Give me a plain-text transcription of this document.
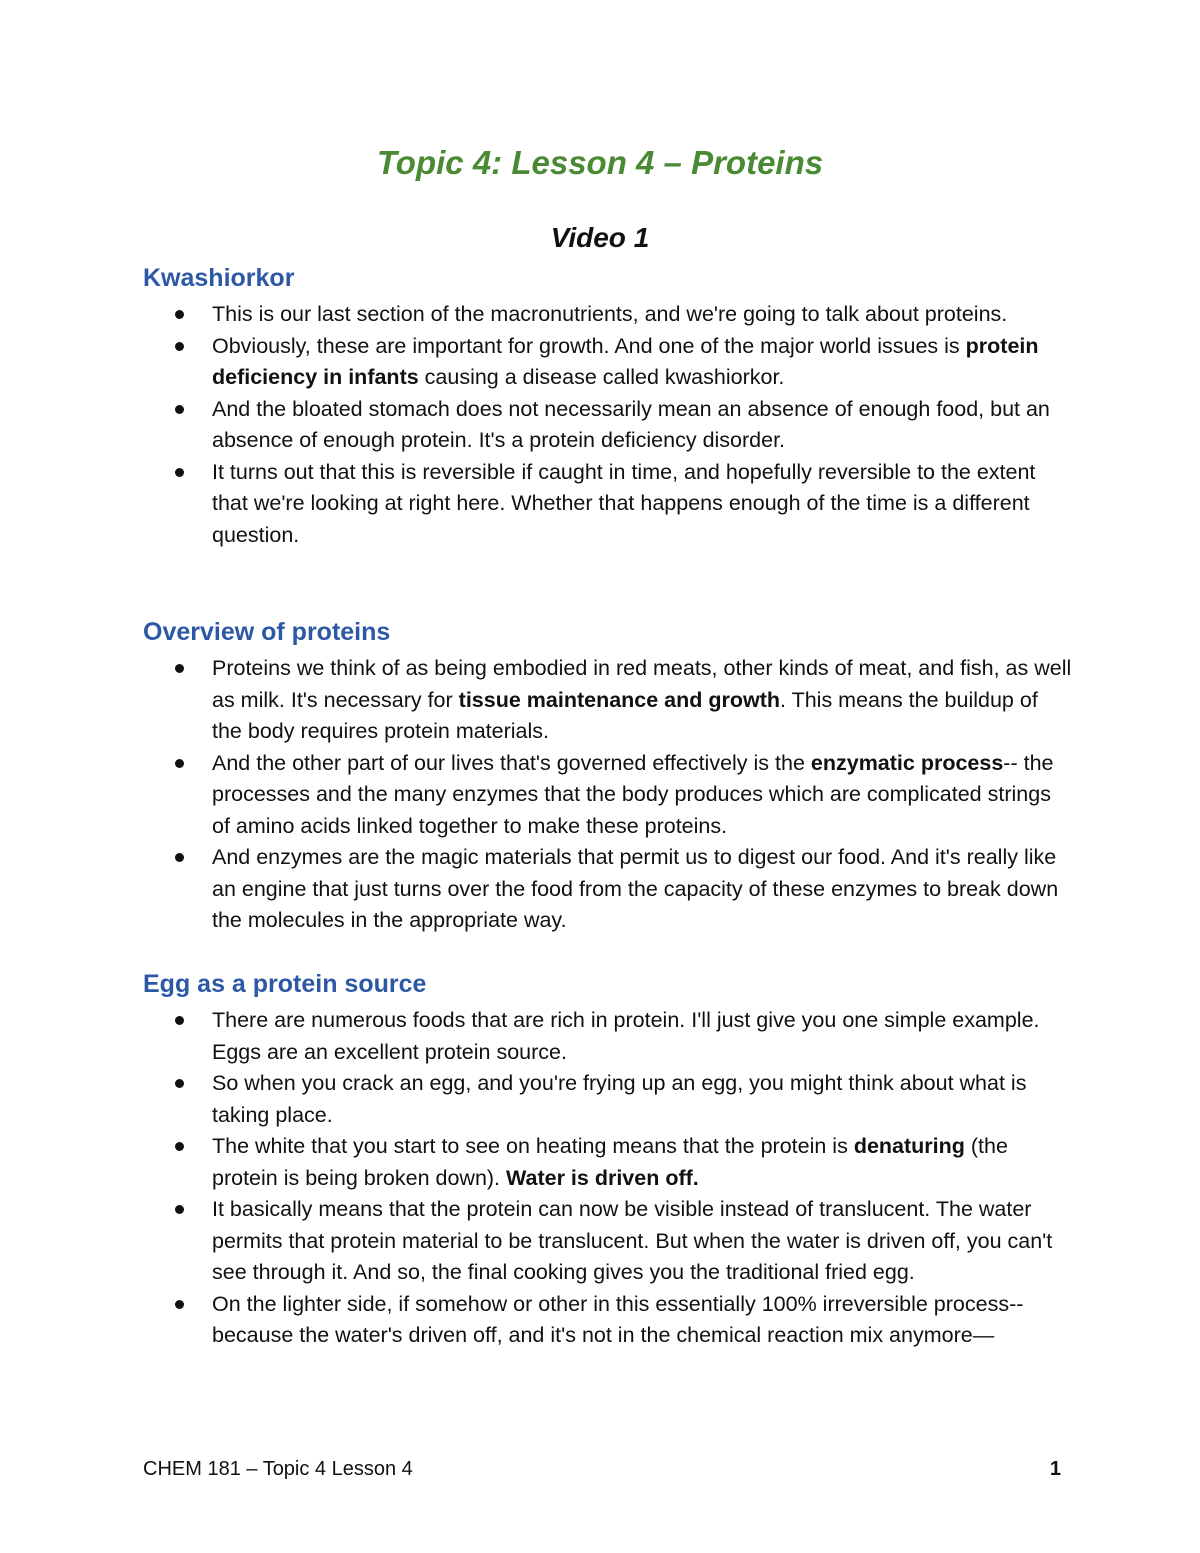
Topic 4: Lesson 4 – Proteins
Video 1
Kwashiorkor
This is our last section of the macronutrients, and we're going to talk about proteins.
Obviously, these are important for growth. And one of the major world issues is protein deficiency in infants causing a disease called kwashiorkor.
And the bloated stomach does not necessarily mean an absence of enough food, but an absence of enough protein. It's a protein deficiency disorder.
It turns out that this is reversible if caught in time, and hopefully reversible to the extent that we're looking at right here. Whether that happens enough of the time is a different question.
Overview of proteins
Proteins we think of as being embodied in red meats, other kinds of meat, and fish, as well as milk. It's necessary for tissue maintenance and growth. This means the buildup of the body requires protein materials.
And the other part of our lives that's governed effectively is the enzymatic process-- the processes and the many enzymes that the body produces which are complicated strings of amino acids linked together to make these proteins.
And enzymes are the magic materials that permit us to digest our food. And it's really like an engine that just turns over the food from the capacity of these enzymes to break down the molecules in the appropriate way.
Egg as a protein source
There are numerous foods that are rich in protein. I'll just give you one simple example. Eggs are an excellent protein source.
So when you crack an egg, and you're frying up an egg, you might think about what is taking place.
The white that you start to see on heating means that the protein is denaturing (the protein is being broken down). Water is driven off.
It basically means that the protein can now be visible instead of translucent. The water permits that protein material to be translucent. But when the water is driven off, you can't see through it. And so, the final cooking gives you the traditional fried egg.
On the lighter side, if somehow or other in this essentially 100% irreversible process-- because the water's driven off, and it's not in the chemical reaction mix anymore—
CHEM 181 – Topic 4 Lesson 4	1
